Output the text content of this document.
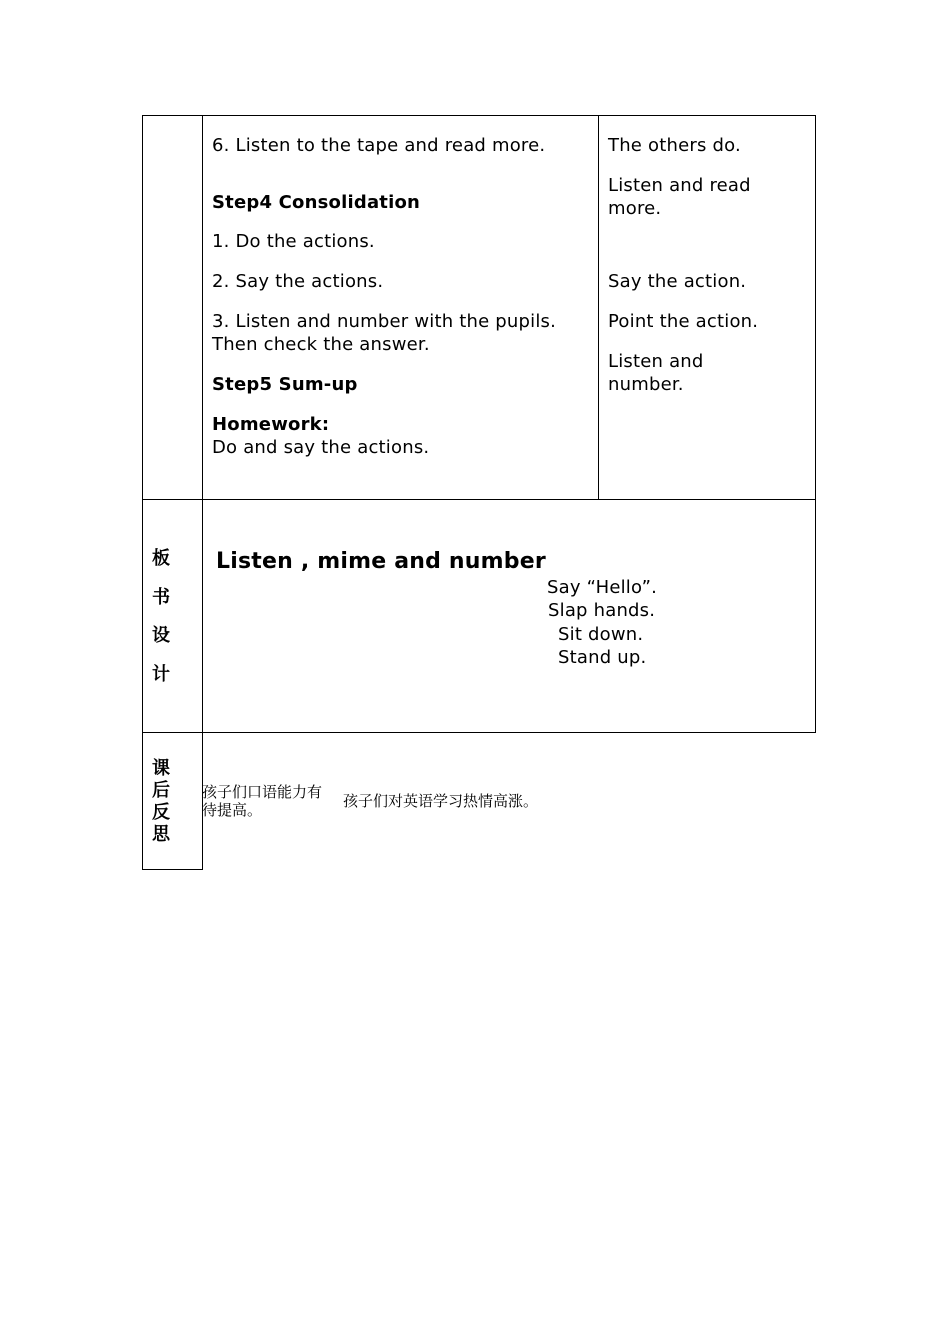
6. Listen to the tape and read more.
Step4 Consolidation
1. Do the actions.
2. Say the actions.
3. Listen and number with the pupils.
Then check the answer.
Step5 Sum-up
Homework:
Do and say the actions.
The others do.
Listen and read
more.
Say the action.
Point the action.
Listen and
number.
板
书
设
计
Listen , mime and number
Say “Hello”.
Slap hands.
Sit down.
Stand up.
课
后
反
思
孩子们口语能力有
待提高。	孩子们对英语学习热情高涨。
